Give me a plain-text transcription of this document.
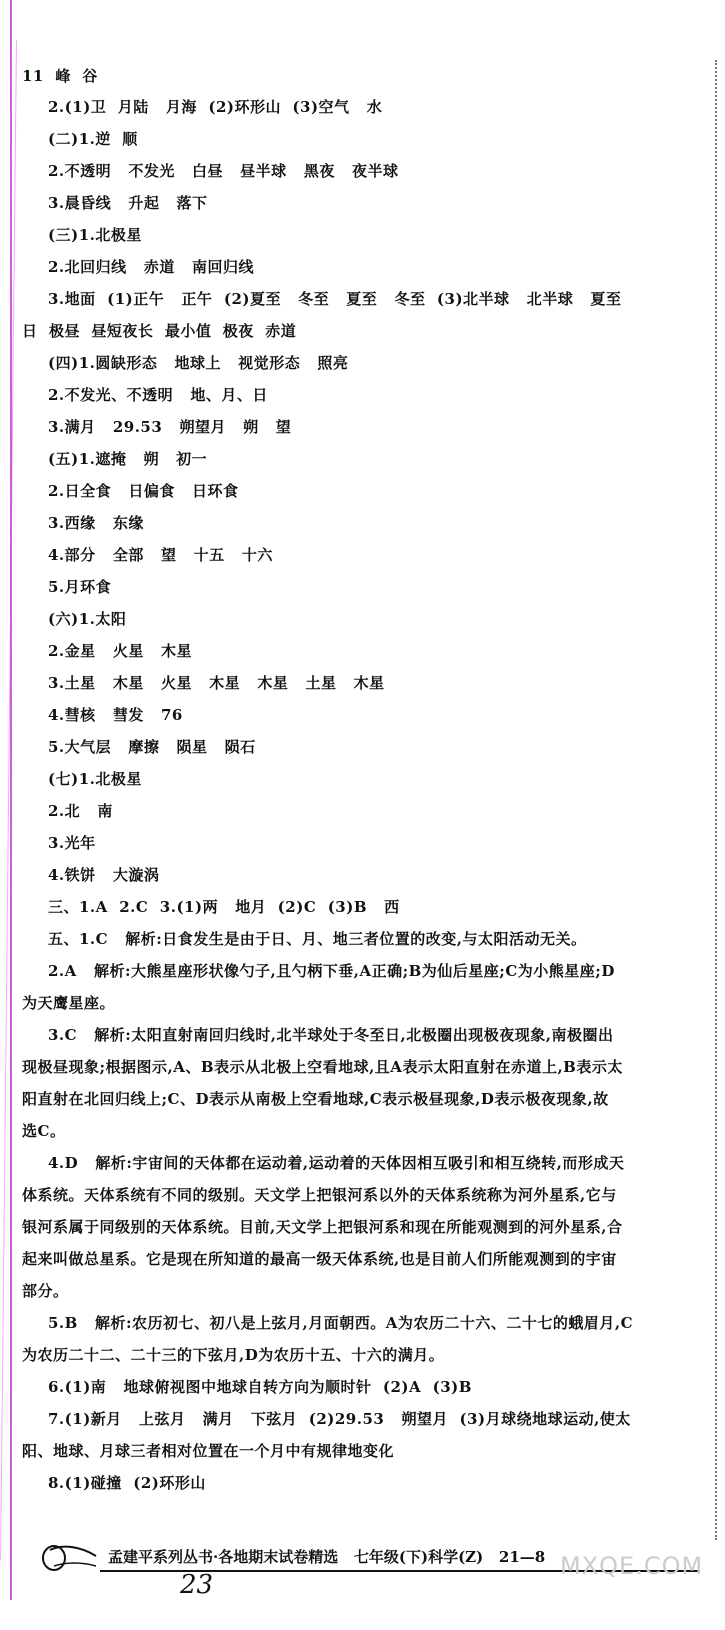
11  峰  谷
2.(1)卫  月陆   月海  (2)环形山  (3)空气   水
(二)1.逆  顺
2.不透明   不发光   白昼   昼半球   黑夜   夜半球
3.晨昏线   升起   落下
(三)1.北极星
2.北回归线   赤道   南回归线
3.地面  (1)正午   正午  (2)夏至   冬至   夏至   冬至  (3)北半球   北半球   夏至
日  极昼  昼短夜长  最小值  极夜  赤道
(四)1.圆缺形态   地球上   视觉形态   照亮
2.不发光、不透明   地、月、日
3.满月   29.53   朔望月   朔   望
(五)1.遮掩   朔   初一
2.日全食   日偏食   日环食
3.西缘   东缘
4.部分   全部   望   十五   十六
5.月环食
(六)1.太阳
2.金星   火星   木星
3.土星   木星   火星   木星   木星   土星   木星
4.彗核   彗发   76
5.大气层   摩擦   陨星   陨石
(七)1.北极星
2.北   南
3.光年
4.铁饼   大漩涡
三、1.A  2.C  3.(1)两   地月  (2)C  (3)B   西
五、1.C   解析:日食发生是由于日、月、地三者位置的改变,与太阳活动无关。
2.A   解析:大熊星座形状像勺子,且勺柄下垂,A正确;B为仙后星座;C为小熊星座;D
为天鹰星座。
3.C   解析:太阳直射南回归线时,北半球处于冬至日,北极圈出现极夜现象,南极圈出
现极昼现象;根据图示,A、B表示从北极上空看地球,且A表示太阳直射在赤道上,B表示太
阳直射在北回归线上;C、D表示从南极上空看地球,C表示极昼现象,D表示极夜现象,故
选C。
4.D   解析:宇宙间的天体都在运动着,运动着的天体因相互吸引和相互绕转,而形成天
体系统。天体系统有不同的级别。天文学上把银河系以外的天体系统称为河外星系,它与
银河系属于同级别的天体系统。目前,天文学上把银河系和现在所能观测到的河外星系,合
起来叫做总星系。它是现在所知道的最高一级天体系统,也是目前人们所能观测到的宇宙
部分。
5.B   解析:农历初七、初八是上弦月,月面朝西。A为农历二十六、二十七的蛾眉月,C
为农历二十二、二十三的下弦月,D为农历十五、十六的满月。
6.(1)南   地球俯视图中地球自转方向为顺时针  (2)A  (3)B
7.(1)新月   上弦月   满月   下弦月  (2)29.53   朔望月  (3)月球绕地球运动,使太
阳、地球、月球三者相对位置在一个月中有规律地变化
8.(1)碰撞  (2)环形山

孟建平系列丛书·各地期末试卷精选   七年级(下)科学(Z)   21—8

23
MXQE.COM
